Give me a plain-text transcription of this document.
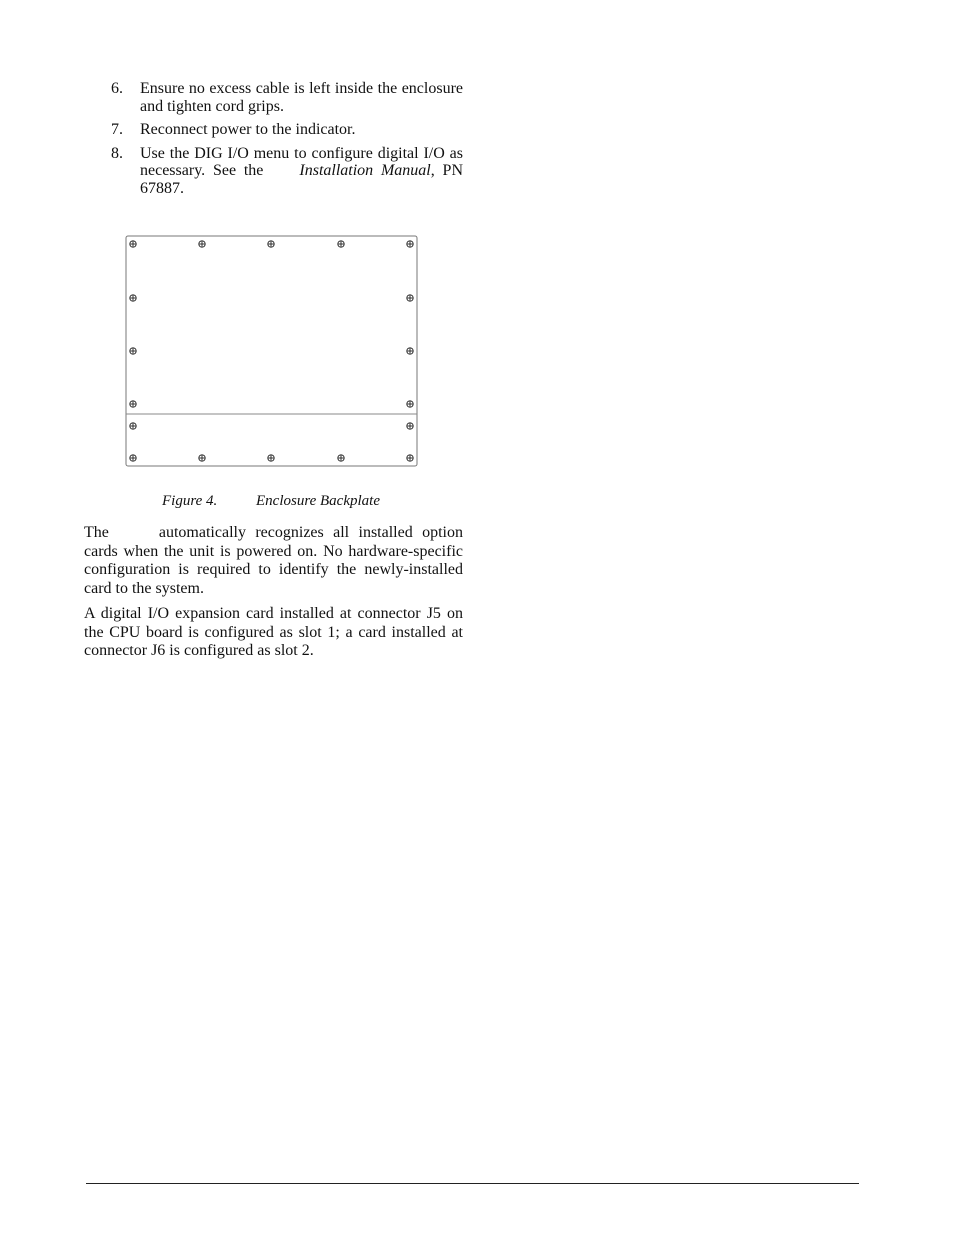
6.	Ensure no excess cable is left inside the enclosure and tighten cord grips.
7.	Reconnect power to the indicator.
8.	Use the DIG I/O menu to configure digital I/O as necessary. See the Installation Manual, PN 67887.
Figure 4.	Enclosure Backplate

The	automatically recognizes all installed option cards when the unit is powered on. No hardware-specific configuration is required to identify the newly-installed card to the system.

A digital I/O expansion card installed at connector J5 on the CPU board is configured as slot 1; a card installed at connector J6 is configured as slot 2.
